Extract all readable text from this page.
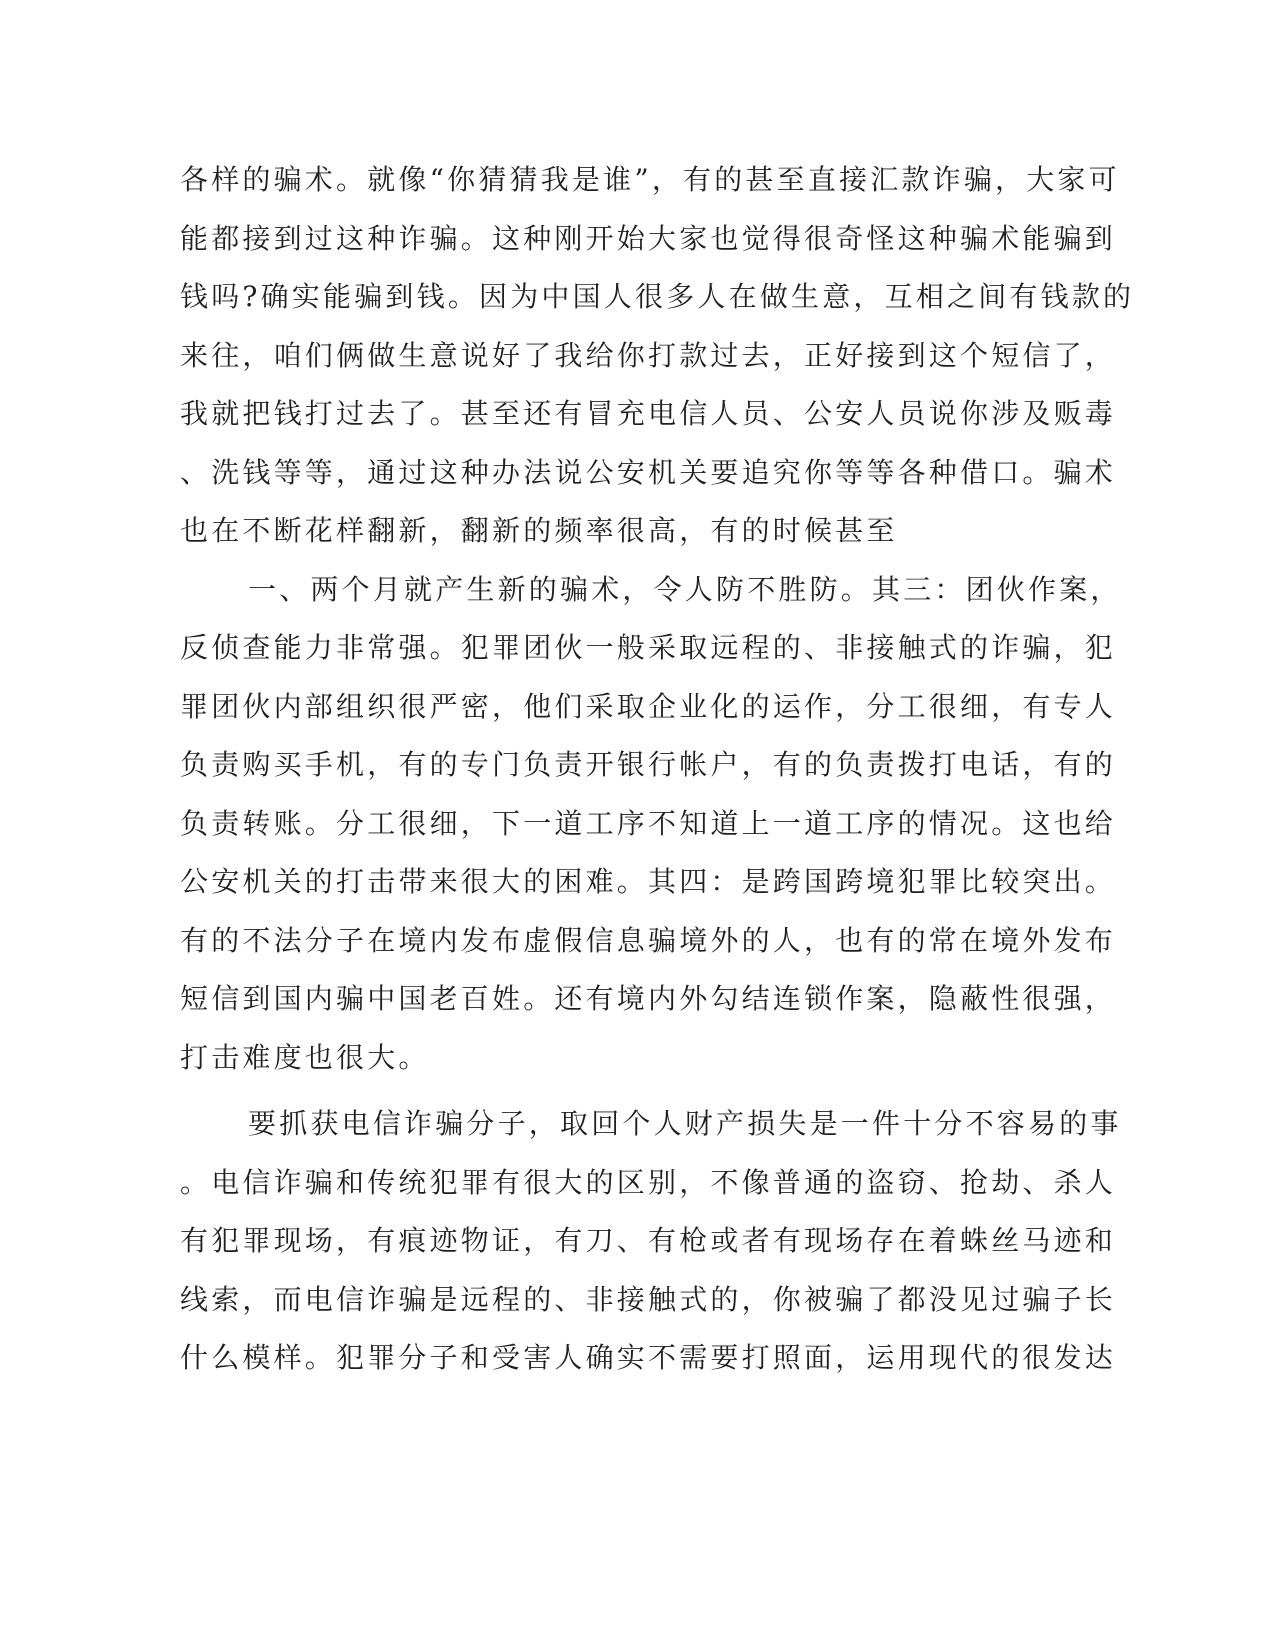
各样的骗术。就像“你猜猜我是谁”，有的甚至直接汇款诈骗，大家可
能都接到过这种诈骗。这种刚开始大家也觉得很奇怪这种骗术能骗到
钱吗?确实能骗到钱。因为中国人很多人在做生意，互相之间有钱款的
来往，咱们俩做生意说好了我给你打款过去，正好接到这个短信了，
我就把钱打过去了。甚至还有冒充电信人员、公安人员说你涉及贩毒
、洗钱等等，通过这种办法说公安机关要追究你等等各种借口。骗术
也在不断花样翻新，翻新的频率很高，有的时候甚至
一、两个月就产生新的骗术，令人防不胜防。其三：团伙作案，
反侦查能力非常强。犯罪团伙一般采取远程的、非接触式的诈骗，犯
罪团伙内部组织很严密，他们采取企业化的运作，分工很细，有专人
负责购买手机，有的专门负责开银行帐户，有的负责拨打电话，有的
负责转账。分工很细，下一道工序不知道上一道工序的情况。这也给
公安机关的打击带来很大的困难。其四：是跨国跨境犯罪比较突出。
有的不法分子在境内发布虚假信息骗境外的人，也有的常在境外发布
短信到国内骗中国老百姓。还有境内外勾结连锁作案，隐蔽性很强，
打击难度也很大。
要抓获电信诈骗分子，取回个人财产损失是一件十分不容易的事
。电信诈骗和传统犯罪有很大的区别，不像普通的盗窃、抢劫、杀人
有犯罪现场，有痕迹物证，有刀、有枪或者有现场存在着蛛丝马迹和
线索，而电信诈骗是远程的、非接触式的，你被骗了都没见过骗子长
什么模样。犯罪分子和受害人确实不需要打照面，运用现代的很发达
